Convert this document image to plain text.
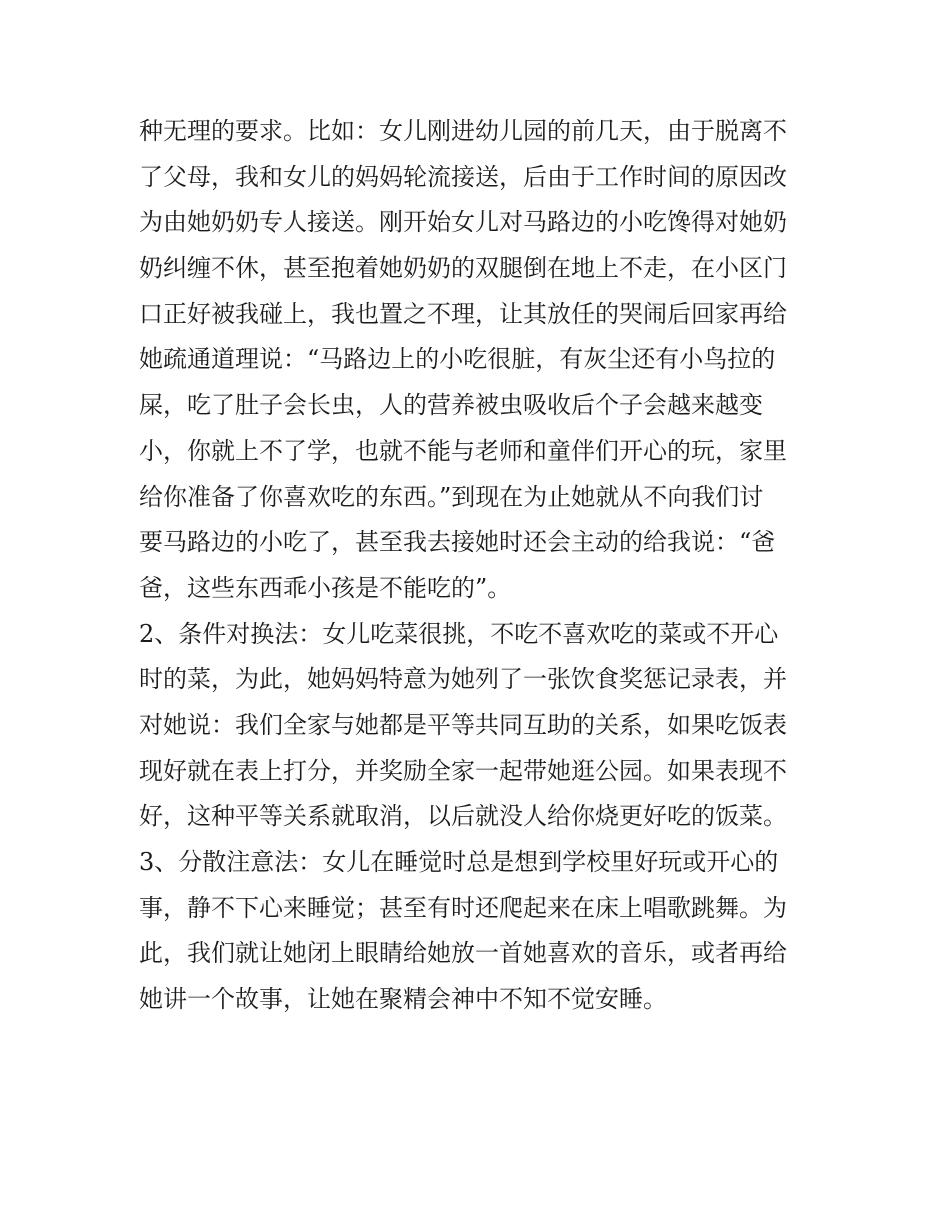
种无理的要求。比如：女儿刚进幼儿园的前几天，由于脱离不
了父母，我和女儿的妈妈轮流接送，后由于工作时间的原因改
为由她奶奶专人接送。刚开始女儿对马路边的小吃馋得对她奶
奶纠缠不休，甚至抱着她奶奶的双腿倒在地上不走，在小区门
口正好被我碰上，我也置之不理，让其放任的哭闹后回家再给
她疏通道理说：“马路边上的小吃很脏，有灰尘还有小鸟拉的
屎，吃了肚子会长虫，人的营养被虫吸收后个子会越来越变
小，你就上不了学，也就不能与老师和童伴们开心的玩，家里
给你准备了你喜欢吃的东西。”到现在为止她就从不向我们讨
要马路边的小吃了，甚至我去接她时还会主动的给我说：“爸
爸，这些东西乖小孩是不能吃的”。
2、条件对换法：女儿吃菜很挑，不吃不喜欢吃的菜或不开心
时的菜，为此，她妈妈特意为她列了一张饮食奖惩记录表，并
对她说：我们全家与她都是平等共同互助的关系，如果吃饭表
现好就在表上打分，并奖励全家一起带她逛公园。如果表现不
好，这种平等关系就取消，以后就没人给你烧更好吃的饭菜。
3、分散注意法：女儿在睡觉时总是想到学校里好玩或开心的
事，静不下心来睡觉；甚至有时还爬起来在床上唱歌跳舞。为
此，我们就让她闭上眼睛给她放一首她喜欢的音乐，或者再给
她讲一个故事，让她在聚精会神中不知不觉安睡。
